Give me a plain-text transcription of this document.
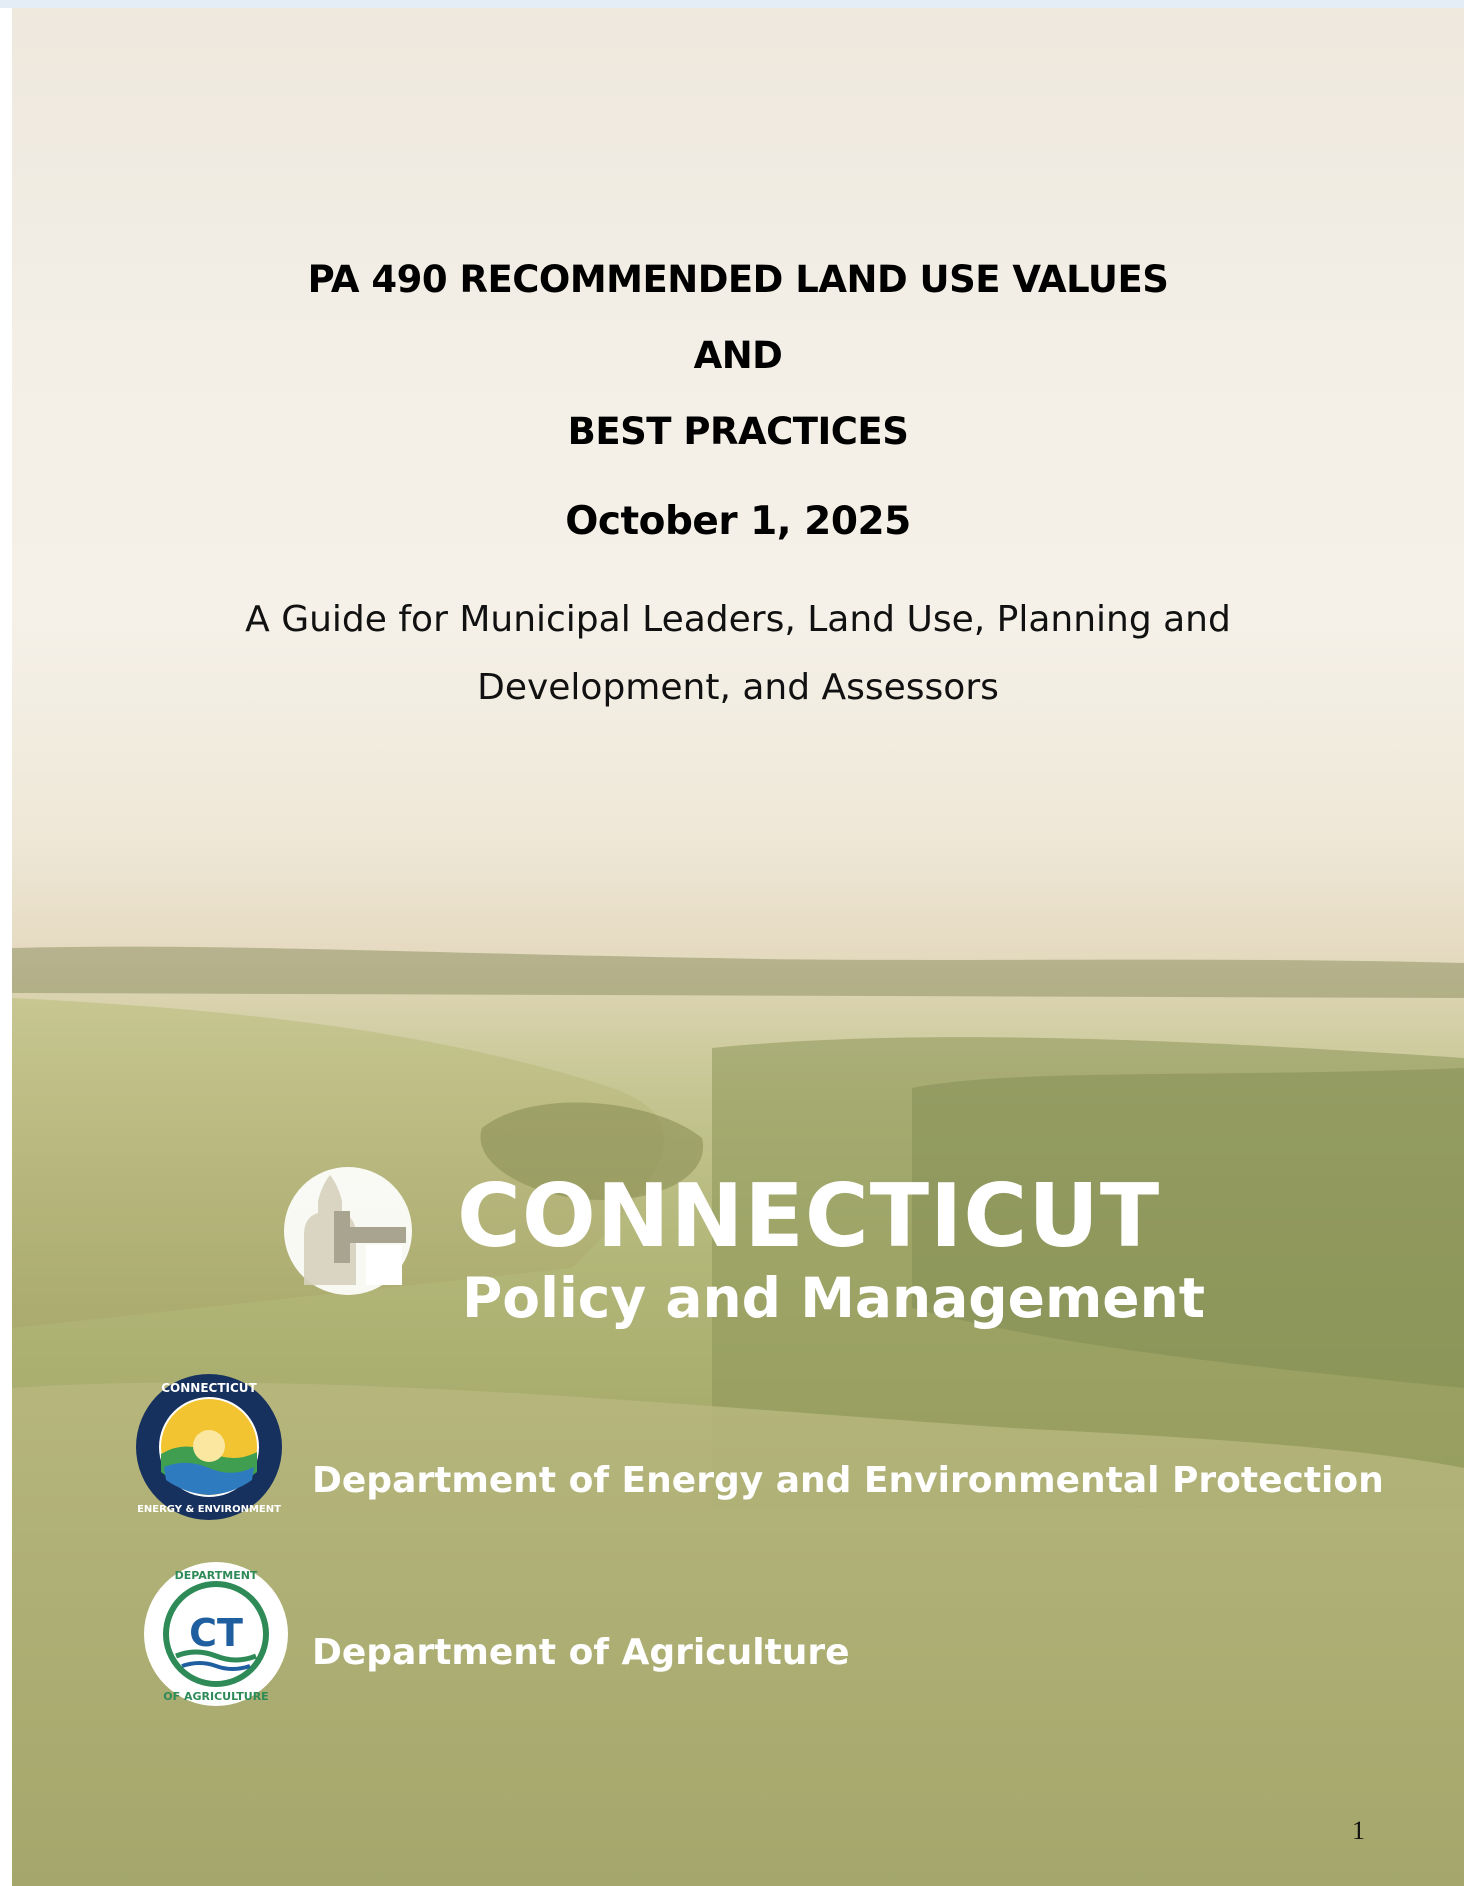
PA 490 RECOMMENDED LAND USE VALUES
AND
BEST PRACTICES
October 1, 2025
A Guide for Municipal Leaders, Land Use, Planning and
Development, and Assessors
CONNECTICUT
Policy and Management
CONNECTICUT
ENERGY & ENVIRONMENT
Department of Energy and Environmental Protection
CT
DEPARTMENT
OF AGRICULTURE
Department of Agriculture
1
